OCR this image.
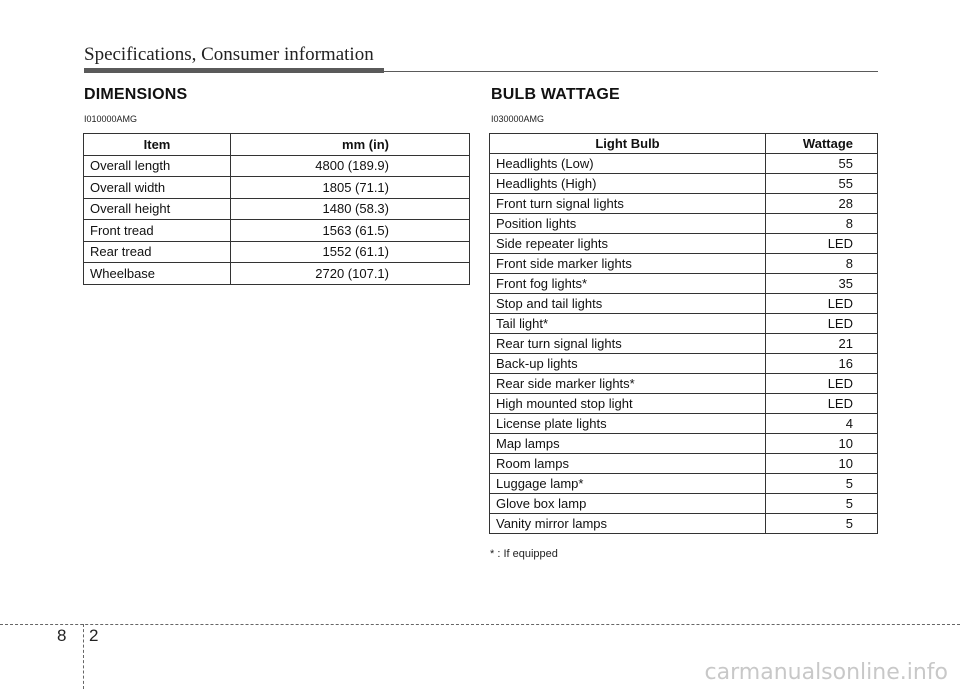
Specifications, Consumer information
DIMENSIONS
I010000AMG
Item	mm (in)
Overall length	4800 (189.9)
Overall width	1805 (71.1)
Overall height	1480 (58.3)
Front tread	1563 (61.5)
Rear tread	1552 (61.1)
Wheelbase	2720 (107.1)
BULB WATTAGE
I030000AMG
Light Bulb	Wattage
Headlights (Low)	55
Headlights (High)	55
Front turn signal lights	28
Position lights	8
Side repeater lights	LED
Front side marker lights	8
Front fog lights*	35
Stop and tail lights	LED
Tail light*	LED
Rear turn signal lights	21
Back-up lights	16
Rear side marker lights*	LED
High mounted stop light	LED
License plate lights	4
Map lamps	10
Room lamps	10
Luggage lamp*	5
Glove box lamp	5
Vanity mirror lamps	5
* : If equipped
8 2
carmanualsonline.info
